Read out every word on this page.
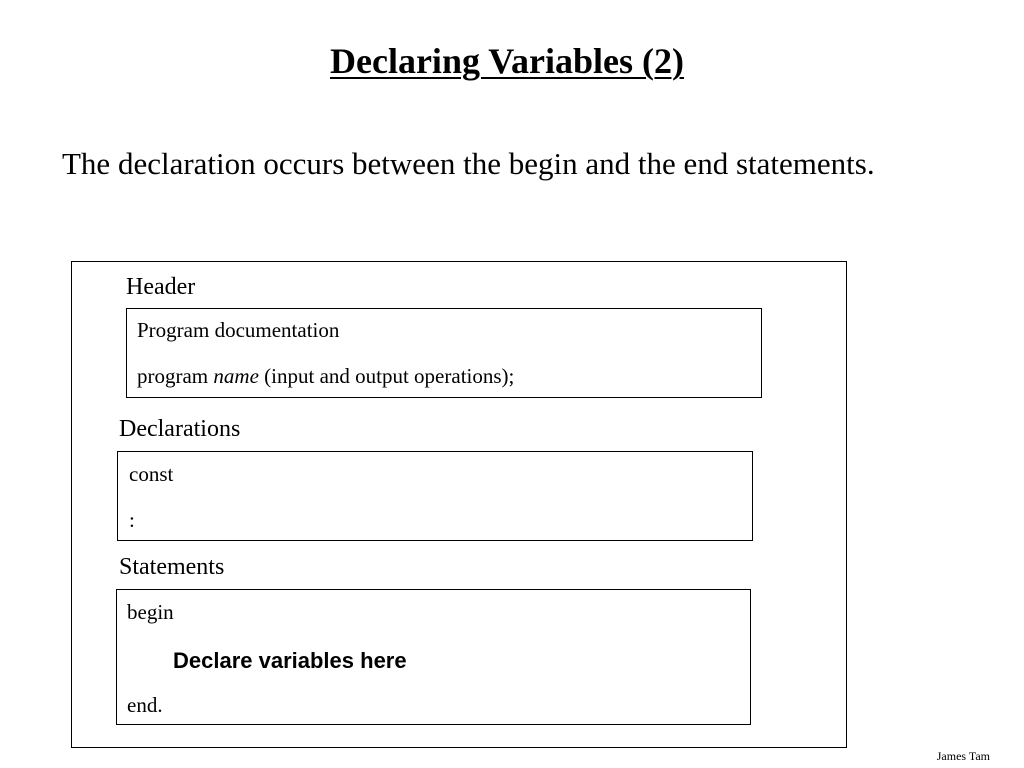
Declaring Variables (2)
The declaration occurs between the begin and the end statements.
Header
Program documentation
program name (input and output operations);
Declarations
const
:
Statements
begin
Declare variables here
end.
James Tam
